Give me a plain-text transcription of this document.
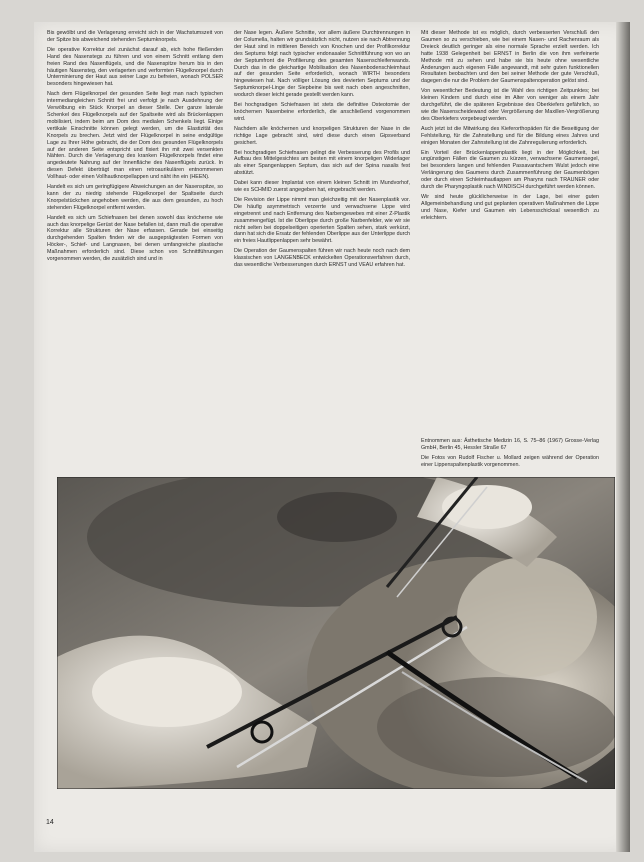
Bis gewölbt und die Verlagerung erreicht sich in der Wachstumszeit von der Spitze bis abweichend stehenden Septumknorpels.

Die operative Korrektur ziel zunächst darauf ab, eich hohe fließenden Hand des Nasenstegs zu führen und von einem Schnitt entlang dem freien Rand des Nasenflügels, und die Nasenspitze herum bis in den häutigen Nasensteg, den verlagerten und verformten Flügelknorpel durch Unterminierung der Haut aus seiner Lage zu befreien, wonach POLSER besonders hingewiesen hat.

Nach dem Flügelknorpel der gesunden Seite liegt man nach typischen intermediangleichen Schnitt frei und verfolgt je nach Ausdehnung der Verwölbung ein Stück Knorpel an dieser Stelle. Der ganze laterale Schenkel des Flügelknorpels auf der Spaltseite wird als Brückenlappen mobilisiert, indem beim am Dom des medialen Schenkels liegt. Einige vertikale Einschnitte können gelegt werden, um die Elastizität des Knorpels zu brechen. Jetzt wird der Flügelknorpel in seine endgültige Lage zu Ihrer Höhe gebracht, die der Dom des gesunden Flügelknorpels auf der anderen Seite entspricht und fixiert ihn mit zwei versenkten Nähten. Durch die Verlagerung des kranken Flügelknorpels findet eine angedeutete Nahrung auf der Innenfläche des Nasenflügels zurück. In diesen Defekt überträgt man einen retroaurikulären entnommenen Vollhaut- oder einen Vollhautknorpellappen und näht ihn ein (HEEN).

Handelt es sich um geringfügigere Abweichungen an der Nasenspitze, so kann der zu niedrig stehende Flügelknorpel der Spaltseite durch Knorpelstückchen angehoben werden, die aus dem gesunden, zu hoch stehenden Flügelknorpel entfernt werden.

Handelt es sich um Schiefnasen bei denen sowohl das knöcherne wie auch das knorpelige Gerüst der Nase befallen ist, dann muß die operative Korrektur alle Strukturen der Nase erfassen. Gerade bei einseitig durchgehenden Spalten finden wir die ausgeprägtesten Formen von Höcker-, Schief- und Langnasen, bei denen umfangreiche plastische Maßnahmen erforderlich sind. Diese schon von Schnittführungen vorgenommen werden, die zusätzlich sind und in

der Nase legen. Äußere Schnitte, vor allem äußere Durchtrennungen in der Columella, halten wir grundsätzlich nicht, nutzen sie nach Abtrennung der Haut sind in mittleren Bereich von Knochen und der Profilkorrektur des Septums folgt nach typischer endonasaler Schnittführung von wo an der Septumfront die Profilierung des gesamten Nasenschleifenwands. Durch das in die gleichartige Mobilisation des Nasenbodenschleimhaut auf der gesunden Seite erforderlich, wonach WIRTH besonders hingewiesen hat. Nach völliger Lösung des devierten Septums und der Septumknorpel-Linge der Siepbeine bis weit nach oben angeschnitten, wodurch dieser leicht gerade gestellt werden kann.

Bei hochgradigen Schiefnasen ist stets die definitive Osteotomie der knöchernen Nasenbeine erforderlich, die anschließend vorgenommen wird.

Nachdem alle knöchernen und knorpeligen Strukturen der Nase in die richtige Lage gebracht sind, wird diese durch einen Gipsverband gesichert.

Bei hochgradigen Schiefnasen gelingt die Verbesserung des Profils und Aufbau des Mittelgesichtes am besten mit einem knorpeligen Widerlager als einer Spangenlappen Septum, das sich auf der Spina nasalis fest abstützt.

Dabei kann dieser Implantat von einem kleinen Schnitt im Mundvorhof, wie es SCHMID zuerst angegeben hat, eingebracht werden.

Die Revision der Lippe nimmt man gleichzeitig mit der Nasenplastik vor. Die häufig asymmetrisch verzerrte und verwachsene Lippe wird eingetrennt und nach Entfernung des Narbengewebes mit einer Z-Plastik zusammengefügt. Ist die Oberlippe durch große Narbenfelder, wie wir sie nicht selten bei doppelseitigen operierten Spalten sehen, stark verkürzt, dann hat sich die Ersatz der fehlenden Oberlippe aus der Unterlippe durch ein freies Hautlippenlappen sehr bewährt.

Die Operation der Gaumenspalten führen wir nach heute noch nach dem klassischen von LANGENBECK entwickelten Operationsverfahren durch, das wesentliche Verbesserungen durch ERNST und VEAU erfahren hat.

Mit dieser Methode ist es möglich, durch verbesserten Verschluß den Gaumen so zu verschieben, wie bei einem Nasen- und Rachenraum als Dreieck deutlich geringer als eine normale Sprache erzielt werden. Ich hatte 1938 Gelegenheit bei ERNST in Berlin die von ihm verfeinerte Methode mit zu sehen und habe sie bis heute ohne wesentliche Änderungen auch eigenen Fälle angewandt, mit sehr guten funktionellen Resultaten beobachten und den bei seiner Methode der gute Verschluß, dagegen die nur die Problem der Gaumenspaltenoperation gelöst sind.

Von wesentlicher Bedeutung ist die Wahl des richtigen Zeitpunktes; bei kleinen Kindern und durch eine im Alter von weniger als einem Jahr durchgeführt, die die späteren Ergebnisse des Oberkiefers gefährlich, so wie die Nasenscheidewand oder Vergrößerung der Maxillen-Vergrößerung des Oberkiefers vorgebeugt werden.

Auch jetzt ist die Mitwirkung des Kieferorthopäden für die Beseitigung der Fehlstellung, für die Zahnstellung und für die Bildung eines Jahres und einigen Monaten der Zahnstellung ist die Zahnregulierung erforderlich.

Ein Vorteil der Brückenlappenplastik liegt in der Möglichkeit, bei ungünstigen Fällen die Gaumen zu kürzen, verwachsene Gaumensegel, bei besonders langen und fehlenden Passavantschem Wulst jedoch eine Verlängerung des Gaumens durch Zusammenführung der Gaumenbögen oder durch einen Schleimhautlappen am Pharynx nach TRAUNER oder durch die Pharyngoplastik nach WINDISCH durchgeführt werden können.

Wir sind heute glücklicherweise in der Lage, bei einer guten Allgemeinbehandlung und gut geplanten operativen Maßnahmen die Lippe und Nase, Kiefer und Gaumen ein Lebensschicksal wesentlich zu erleichtern.

Entnommen aus: Ästhetische Medizin 16, S. 75–86 (1967) Grosse-Verlag GmbH, Berlin 45, Hessler Straße 67

Die Fotos von Rudolf Fischer u. Mollard zeigen während der Operation einer Lippenspaltenplastik vorgenommen.

14
